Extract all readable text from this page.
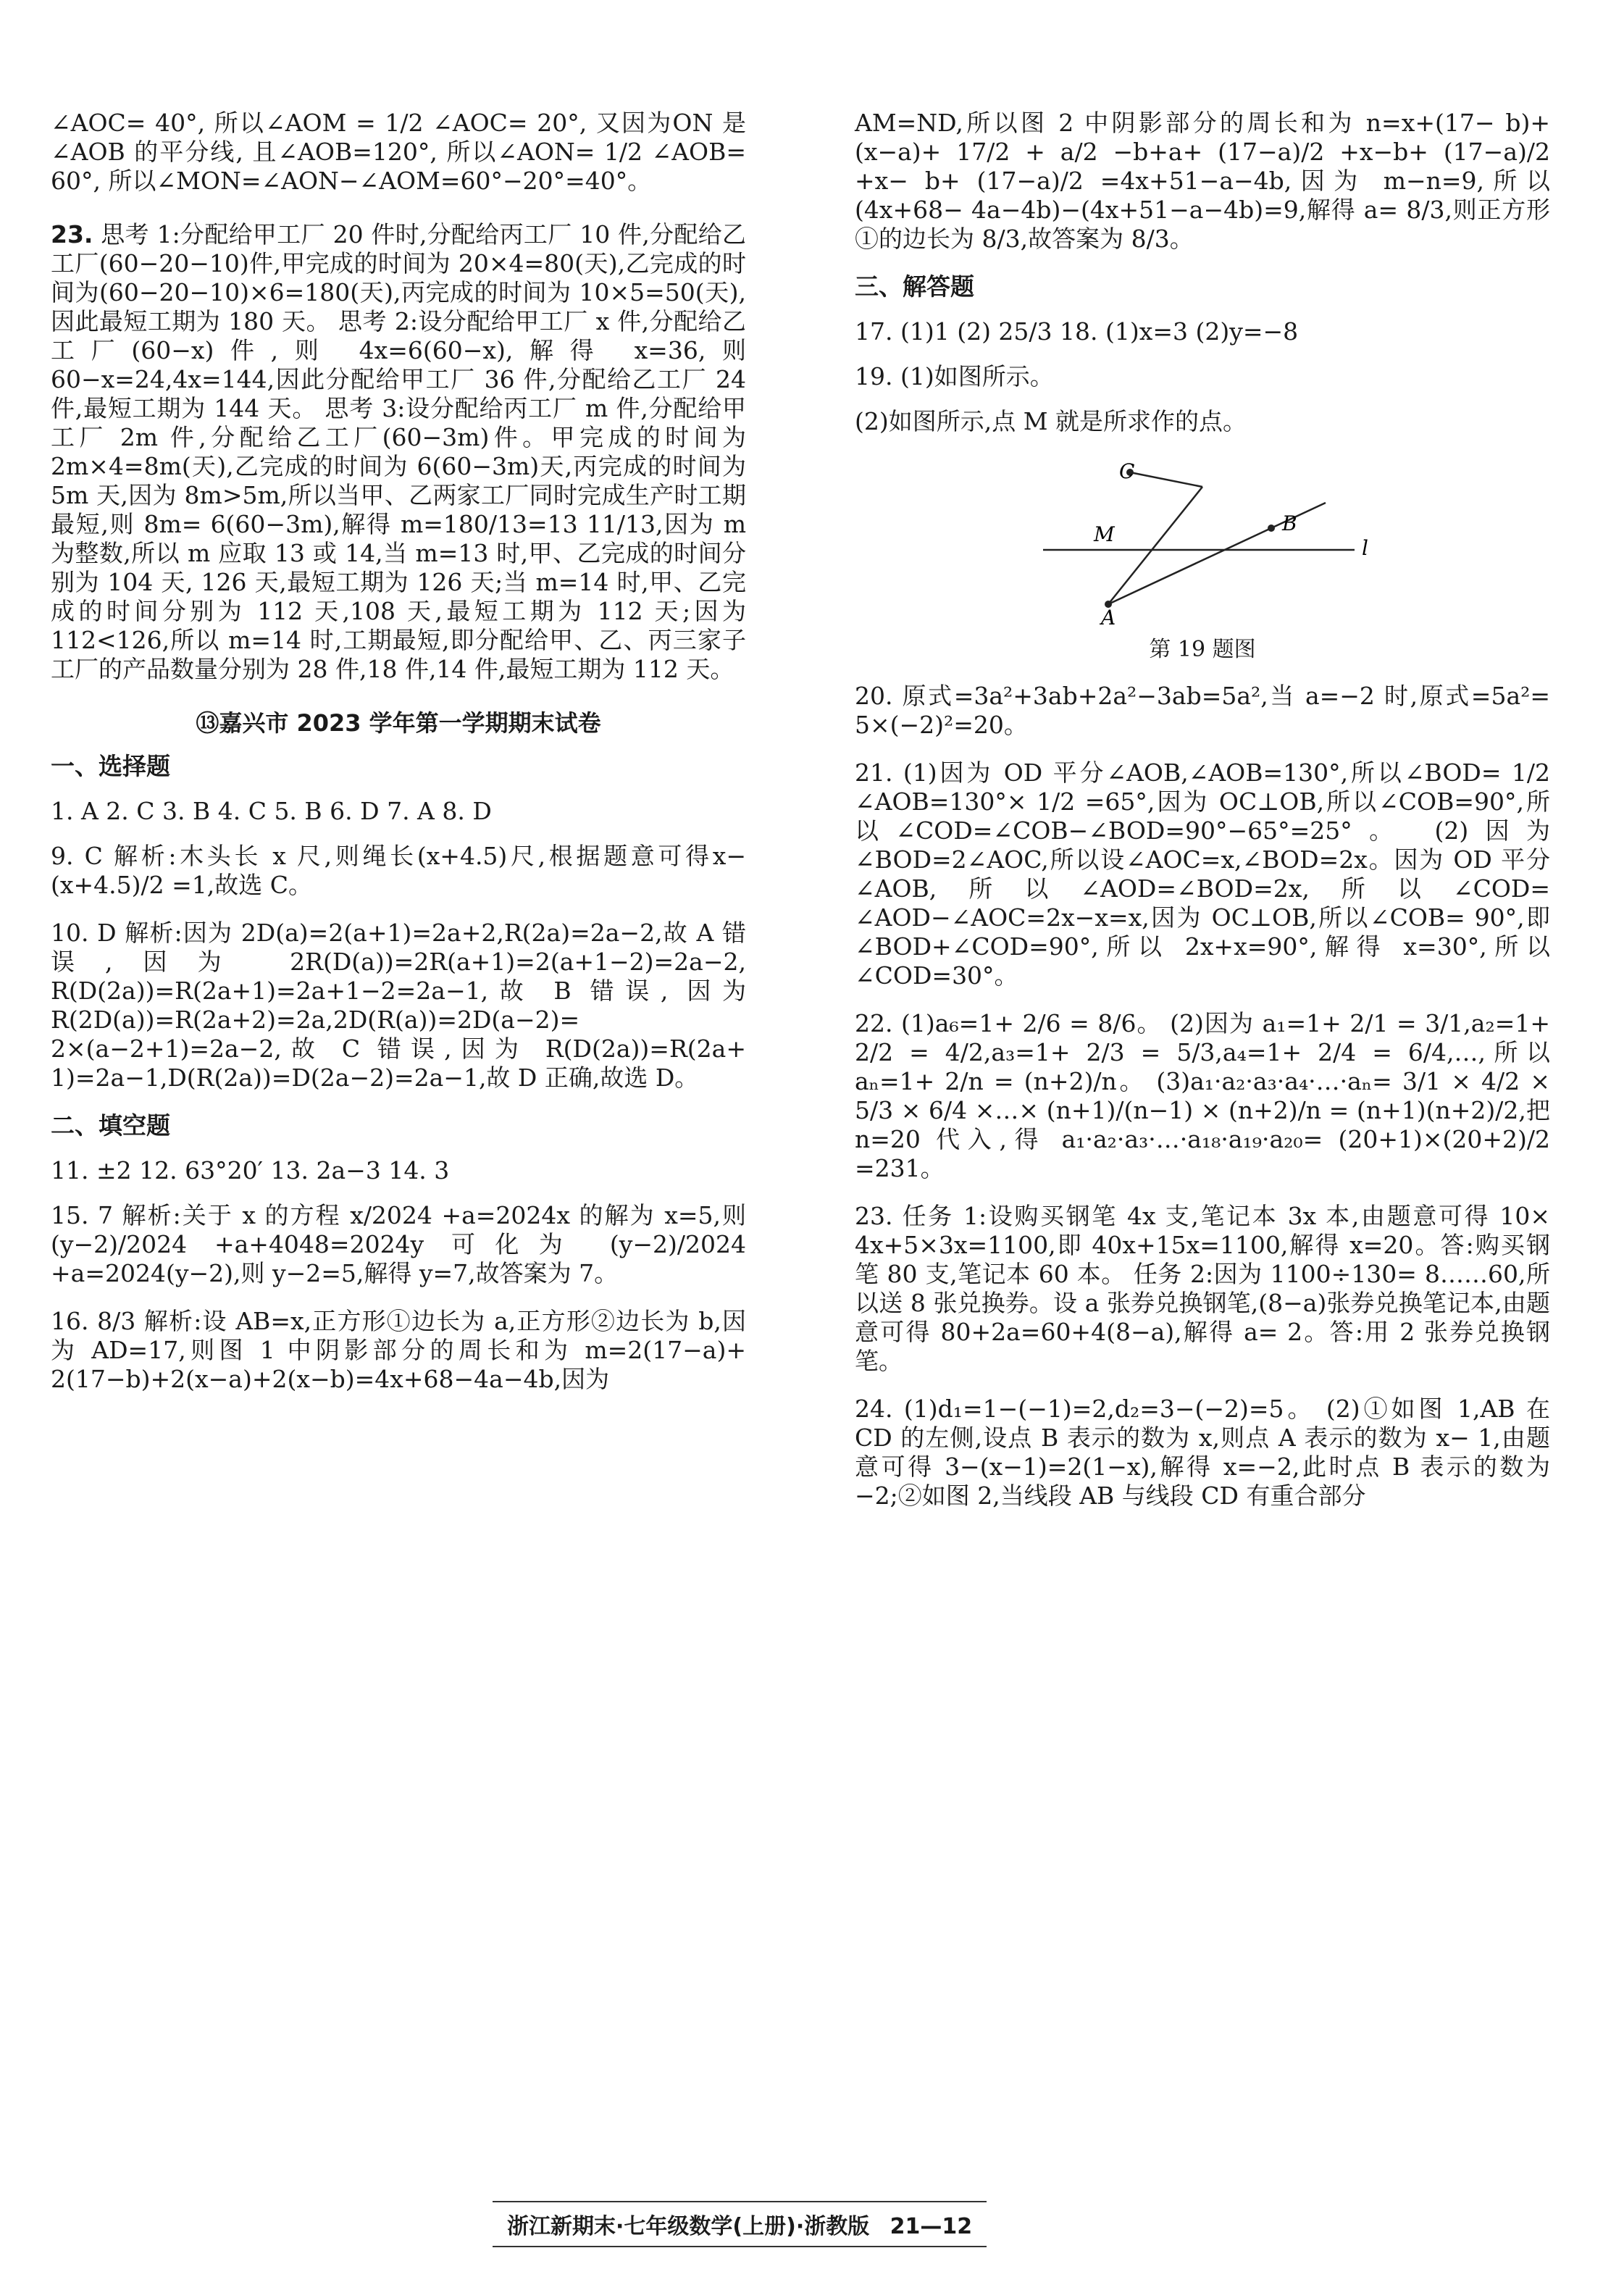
∠AOC= 40°, 所以∠AOM = 1/2 ∠AOC= 20°, 又因为ON 是∠AOB 的平分线, 且∠AOB=120°, 所以∠AON= 1/2 ∠AOB= 60°, 所以∠MON=∠AON−∠AOM=60°−20°=40°。

23. 思考 1:分配给甲工厂 20 件时,分配给丙工厂 10 件,分配给乙工厂(60−20−10)件,甲完成的时间为 20×4=80(天),乙完成的时间为(60−20−10)×6=180(天),丙完成的时间为 10×5=50(天),因此最短工期为 180 天。 思考 2:设分配给甲工厂 x 件,分配给乙工厂(60−x)件,则 4x=6(60−x),解得 x=36,则 60−x=24,4x=144,因此分配给甲工厂 36 件,分配给乙工厂 24 件,最短工期为 144 天。 思考 3:设分配给丙工厂 m 件,分配给甲工厂 2m 件,分配给乙工厂(60−3m)件。甲完成的时间为 2m×4=8m(天),乙完成的时间为 6(60−3m)天,丙完成的时间为 5m 天,因为 8m>5m,所以当甲、乙两家工厂同时完成生产时工期最短,则 8m= 6(60−3m),解得 m=180/13=13 11/13,因为 m 为整数,所以 m 应取 13 或 14,当 m=13 时,甲、乙完成的时间分别为 104 天, 126 天,最短工期为 126 天;当 m=14 时,甲、乙完成的时间分别为 112 天,108 天,最短工期为 112 天;因为 112<126,所以 m=14 时,工期最短,即分配给甲、乙、丙三家子工厂的产品数量分别为 28 件,18 件,14 件,最短工期为 112 天。

⑬嘉兴市 2023 学年第一学期期末试卷
一、选择题
1. A 2. C 3. B 4. C 5. B 6. D 7. A 8. D

9. C 解析:木头长 x 尺,则绳长(x+4.5)尺,根据题意可得x− (x+4.5)/2 =1,故选 C。

10. D 解析:因为 2D(a)=2(a+1)=2a+2,R(2a)=2a−2,故 A 错误,因为 2R(D(a))=2R(a+1)=2(a+1−2)=2a−2, R(D(2a))=R(2a+1)=2a+1−2=2a−1,故 B 错误, 因为 R(2D(a))=R(2a+2)=2a,2D(R(a))=2D(a−2)= 2×(a−2+1)=2a−2,故 C 错误,因为 R(D(2a))=R(2a+ 1)=2a−1,D(R(2a))=D(2a−2)=2a−1,故 D 正确,故选 D。

二、填空题
11. ±2 12. 63°20′ 13. 2a−3 14. 3

15. 7 解析:关于 x 的方程 x/2024 +a=2024x 的解为 x=5,则 (y−2)/2024 +a+4048=2024y 可化为 (y−2)/2024 +a=2024(y−2),则 y−2=5,解得 y=7,故答案为 7。

16. 8/3 解析:设 AB=x,正方形①边长为 a,正方形②边长为 b,因为 AD=17,则图 1 中阴影部分的周长和为 m=2(17−a)+ 2(17−b)+2(x−a)+2(x−b)=4x+68−4a−4b,因为

AM=ND,所以图 2 中阴影部分的周长和为 n=x+(17− b)+(x−a)+ 17/2 + a/2 −b+a+ (17−a)/2 +x−b+ (17−a)/2 +x− b+ (17−a)/2 =4x+51−a−4b,因为 m−n=9,所以(4x+68− 4a−4b)−(4x+51−a−4b)=9,解得 a= 8/3,则正方形①的边长为 8/3,故答案为 8/3。

三、解答题
17. (1)1 (2) 25/3 18. (1)x=3 (2)y=−8
19. (1)如图所示。
(2)如图所示,点 M 就是所求作的点。
C
B
M
A
l
第 19 题图

20. 原式=3a²+3ab+2a²−3ab=5a²,当 a=−2 时,原式=5a²= 5×(−2)²=20。

21. (1)因为 OD 平分∠AOB,∠AOB=130°,所以∠BOD= 1/2 ∠AOB=130°× 1/2 =65°,因为 OC⊥OB,所以∠COB=90°,所以∠COD=∠COB−∠BOD=90°−65°=25°。 (2)因为∠BOD=2∠AOC,所以设∠AOC=x,∠BOD=2x。因为 OD 平分∠AOB,所以∠AOD=∠BOD=2x,所以∠COD= ∠AOD−∠AOC=2x−x=x,因为 OC⊥OB,所以∠COB= 90°,即∠BOD+∠COD=90°,所以 2x+x=90°,解得 x=30°,所以∠COD=30°。

22. (1)a₆=1+ 2/6 = 8/6。 (2)因为 a₁=1+ 2/1 = 3/1,a₂=1+ 2/2 = 4/2,a₃=1+ 2/3 = 5/3,a₄=1+ 2/4 = 6/4,…,所以 aₙ=1+ 2/n = (n+2)/n。 (3)a₁·a₂·a₃·a₄·…·aₙ= 3/1 × 4/2 × 5/3 × 6/4 ×…× (n+1)/(n−1) × (n+2)/n = (n+1)(n+2)/2,把 n=20 代入,得 a₁·a₂·a₃·…·a₁₈·a₁₉·a₂₀= (20+1)×(20+2)/2 =231。

23. 任务 1:设购买钢笔 4x 支,笔记本 3x 本,由题意可得 10× 4x+5×3x=1100,即 40x+15x=1100,解得 x=20。答:购买钢笔 80 支,笔记本 60 本。 任务 2:因为 1100÷130= 8……60,所以送 8 张兑换券。设 a 张券兑换钢笔,(8−a)张券兑换笔记本,由题意可得 80+2a=60+4(8−a),解得 a= 2。答:用 2 张券兑换钢笔。

24. (1)d₁=1−(−1)=2,d₂=3−(−2)=5。 (2)①如图 1,AB 在 CD 的左侧,设点 B 表示的数为 x,则点 A 表示的数为 x− 1,由题意可得 3−(x−1)=2(1−x),解得 x=−2,此时点 B 表示的数为−2;②如图 2,当线段 AB 与线段 CD 有重合部分

浙江新期末·七年级数学(上册)·浙教版 21—12
